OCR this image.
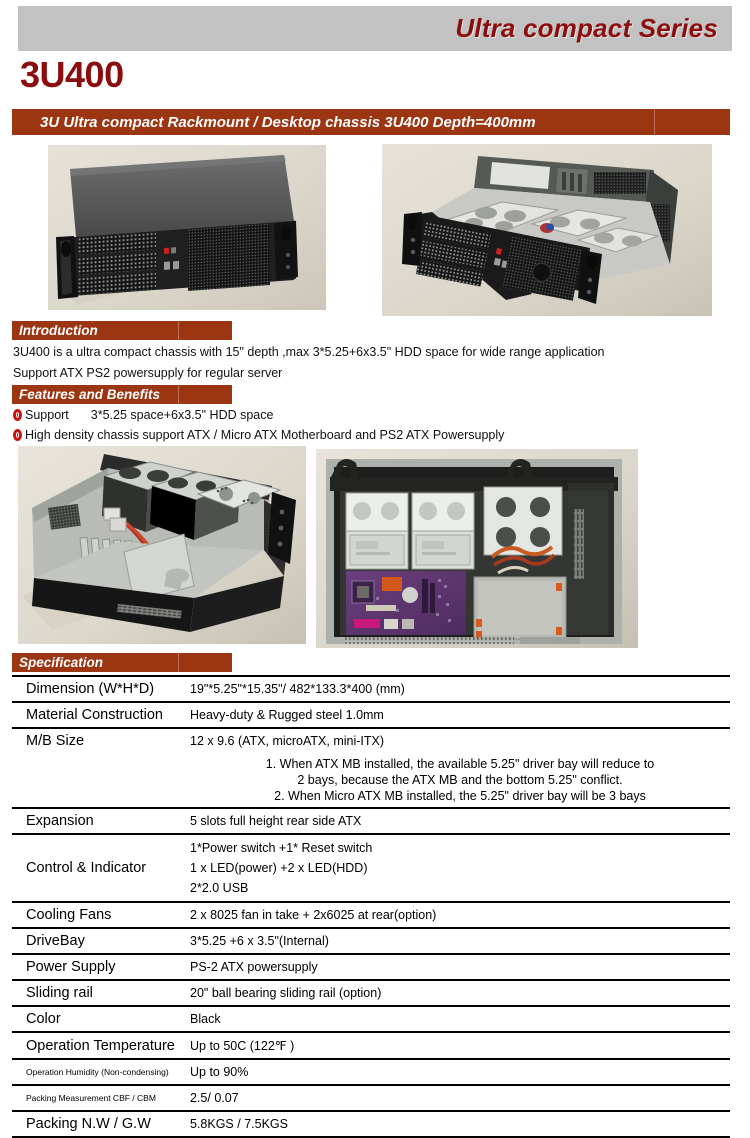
Ultra compact Series
3U400
3U Ultra compact Rackmount / Desktop chassis 3U400 Depth=400mm
Introduction
3U400 is a ultra compact chassis with 15" depth ,max 3*5.25+6x3.5" HDD space for wide range application
Support ATX PS2 powersupply for regular server
Features and Benefits
Support 3*5.25 space+6x3.5" HDD space
High density chassis support ATX / Micro ATX Motherboard and PS2 ATX Powersupply
Specification
Dimension (W*H*D)	19"*5.25"*15.35"/ 482*133.3*400 (mm)

Material Construction	Heavy-duty & Rugged steel 1.0mm

M/B Size	12 x 9.6 (ATX, microATX, mini-ITX)

	1. When ATX MB installed, the available 5.25" driver bay will reduce to
2 bays, because the ATX MB and the bottom 5.25" conflict.
2. When Micro ATX MB installed, the 5.25" driver bay will be 3 bays

Expansion	5 slots full height rear side ATX

Control & Indicator	1*Power switch +1* Reset switch
1 x LED(power) +2 x LED(HDD)
2*2.0 USB

Cooling Fans	2 x 8025 fan in take + 2x6025 at rear(option)

DriveBay	3*5.25 +6 x 3.5"(Internal)

Power Supply	PS-2 ATX powersupply

Sliding rail	20" ball bearing sliding rail (option)

Color	Black

Operation Temperature	Up to 50C (122℉ )

Operation Humidity (Non-condensing)	Up to 90%

Packing Measurement CBF / CBM	2.5/ 0.07

Packing N.W / G.W	5.8KGS / 7.5KGS
